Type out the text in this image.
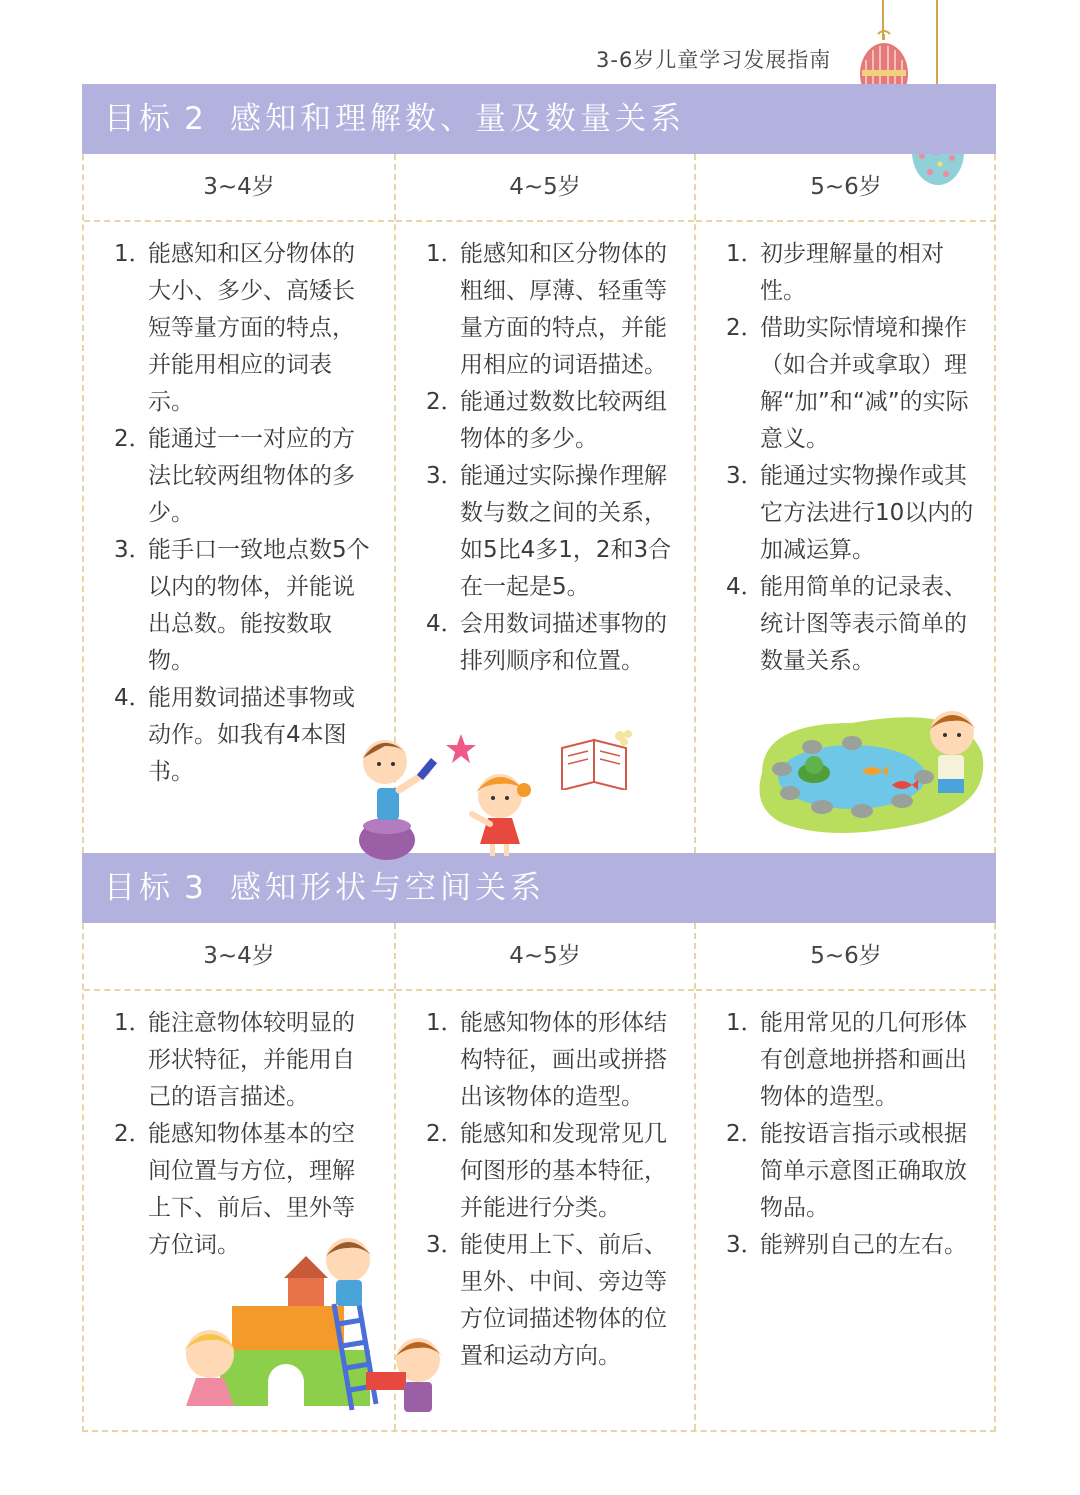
3-6岁儿童学习发展指南
目标 2 感知和理解数、量及数量关系
3~4岁
1．
能感知和区分物体的大小、多少、高矮长短等量方面的特点，并能用相应的词表示。
2．
能通过一一对应的方法比较两组物体的多少。
3．
能手口一致地点数5个以内的物体，并能说出总数。能按数取物。
4．
能用数词描述事物或动作。如我有4本图书。
4~5岁
1．
能感知和区分物体的粗细、厚薄、轻重等量方面的特点，并能用相应的词语描述。
2．
能通过数数比较两组物体的多少。
3．
能通过实际操作理解数与数之间的关系，如5比4多1，2和3合在一起是5。
4．
会用数词描述事物的排列顺序和位置。
5~6岁
1．
初步理解量的相对性。
2．
借助实际情境和操作（如合并或拿取）理解“加”和“减”的实际意义。
3．
能通过实物操作或其它方法进行10以内的加减运算。
4．
能用简单的记录表、统计图等表示简单的数量关系。
目标 3 感知形状与空间关系
3~4岁
1．
能注意物体较明显的形状特征，并能用自己的语言描述。
2．
能感知物体基本的空间位置与方位，理解上下、前后、里外等方位词。
4~5岁
1．
能感知物体的形体结构特征，画出或拼搭出该物体的造型。
2．
能感知和发现常见几何图形的基本特征，并能进行分类。
3．
能使用上下、前后、里外、中间、旁边等方位词描述物体的位置和运动方向。
5~6岁
1．
能用常见的几何形体有创意地拼搭和画出物体的造型。
2．
能按语言指示或根据简单示意图正确取放物品。
3．
能辨别自己的左右。
